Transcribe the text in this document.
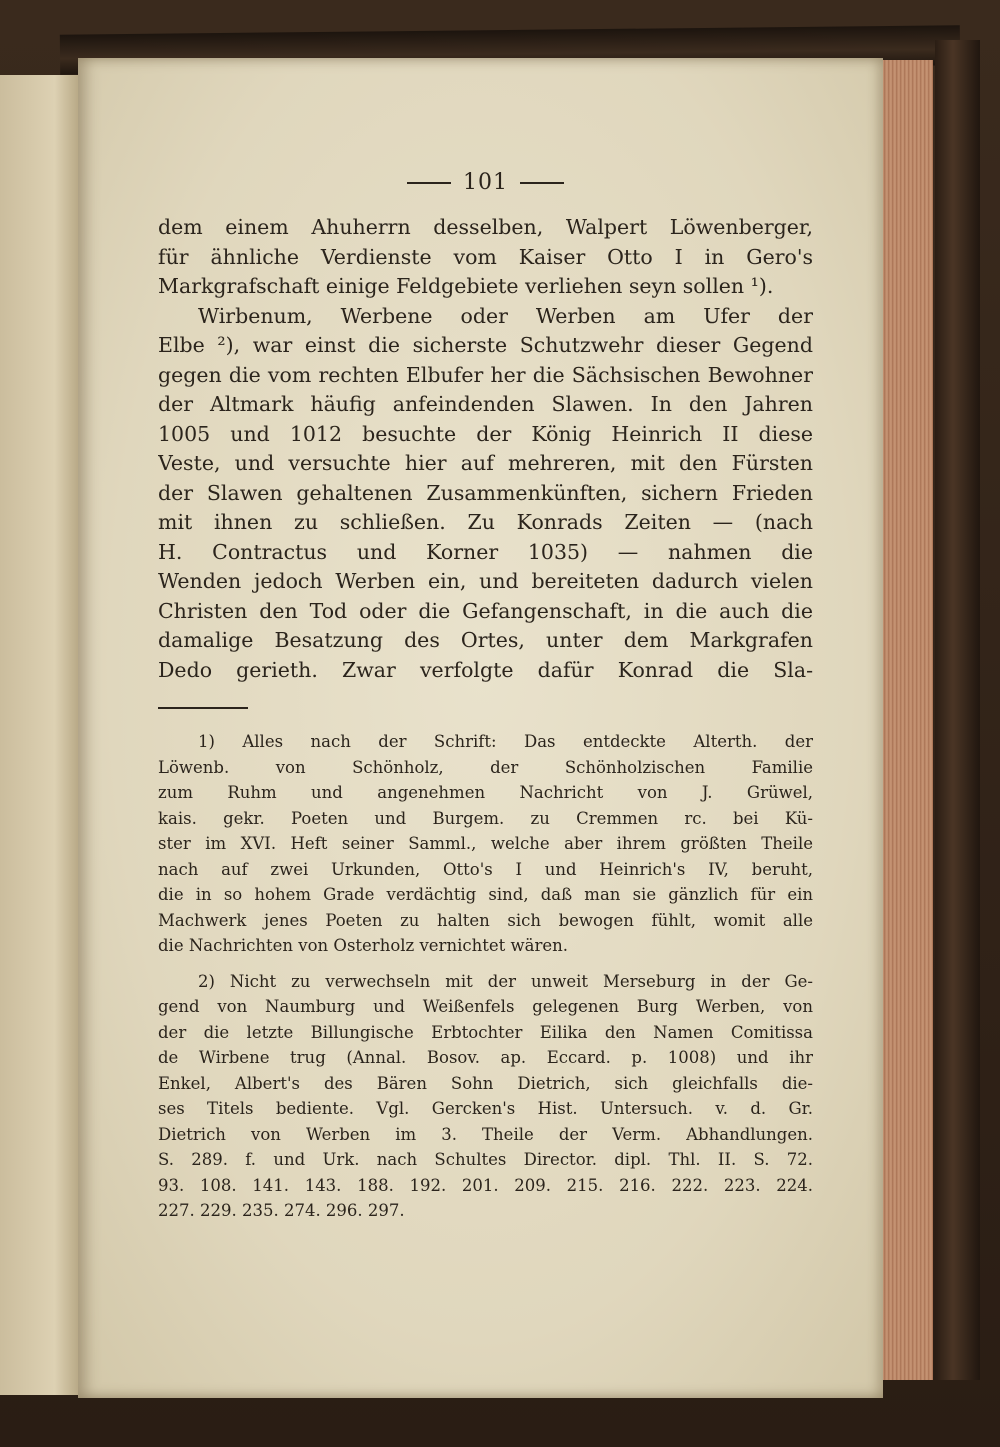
101
dem einem Ahuherrn desselben, Walpert Löwenberger,
für ähnliche Verdienste vom Kaiser Otto I in Gero's
Markgrafschaft einige Feldgebiete verliehen seyn sollen ¹).
Wirbenum, Werbene oder Werben am Ufer der
Elbe ²), war einst die sicherste Schutzwehr dieser Gegend
gegen die vom rechten Elbufer her die Sächsischen Bewohner
der Altmark häufig anfeindenden Slawen. In den Jahren
1005 und 1012 besuchte der König Heinrich II diese
Veste, und versuchte hier auf mehreren, mit den Fürsten
der Slawen gehaltenen Zusammenkünften, sichern Frieden
mit ihnen zu schließen. Zu Konrads Zeiten — (nach
H. Contractus und Korner 1035) — nahmen die
Wenden jedoch Werben ein, und bereiteten dadurch vielen
Christen den Tod oder die Gefangenschaft, in die auch die
damalige Besatzung des Ortes, unter dem Markgrafen
Dedo gerieth. Zwar verfolgte dafür Konrad die Sla-
1) Alles nach der Schrift: Das entdeckte Alterth. der
Löwenb. von Schönholz, der Schönholzischen Familie
zum Ruhm und angenehmen Nachricht von J. Grüwel,
kais. gekr. Poeten und Burgem. zu Cremmen rc. bei Kü-
ster im XVI. Heft seiner Samml., welche aber ihrem größten Theile
nach auf zwei Urkunden, Otto's I und Heinrich's IV, beruht,
die in so hohem Grade verdächtig sind, daß man sie gänzlich für ein
Machwerk jenes Poeten zu halten sich bewogen fühlt, womit alle
die Nachrichten von Osterholz vernichtet wären.
2) Nicht zu verwechseln mit der unweit Merseburg in der Ge-
gend von Naumburg und Weißenfels gelegenen Burg Werben, von
der die letzte Billungische Erbtochter Eilika den Namen Comitissa
de Wirbene trug (Annal. Bosov. ap. Eccard. p. 1008) und ihr
Enkel, Albert's des Bären Sohn Dietrich, sich gleichfalls die-
ses Titels bediente. Vgl. Gercken's Hist. Untersuch. v. d. Gr.
Dietrich von Werben im 3. Theile der Verm. Abhandlungen.
S. 289. f. und Urk. nach Schultes Director. dipl. Thl. II. S. 72.
93. 108. 141. 143. 188. 192. 201. 209. 215. 216. 222. 223. 224.
227. 229. 235. 274. 296. 297.
